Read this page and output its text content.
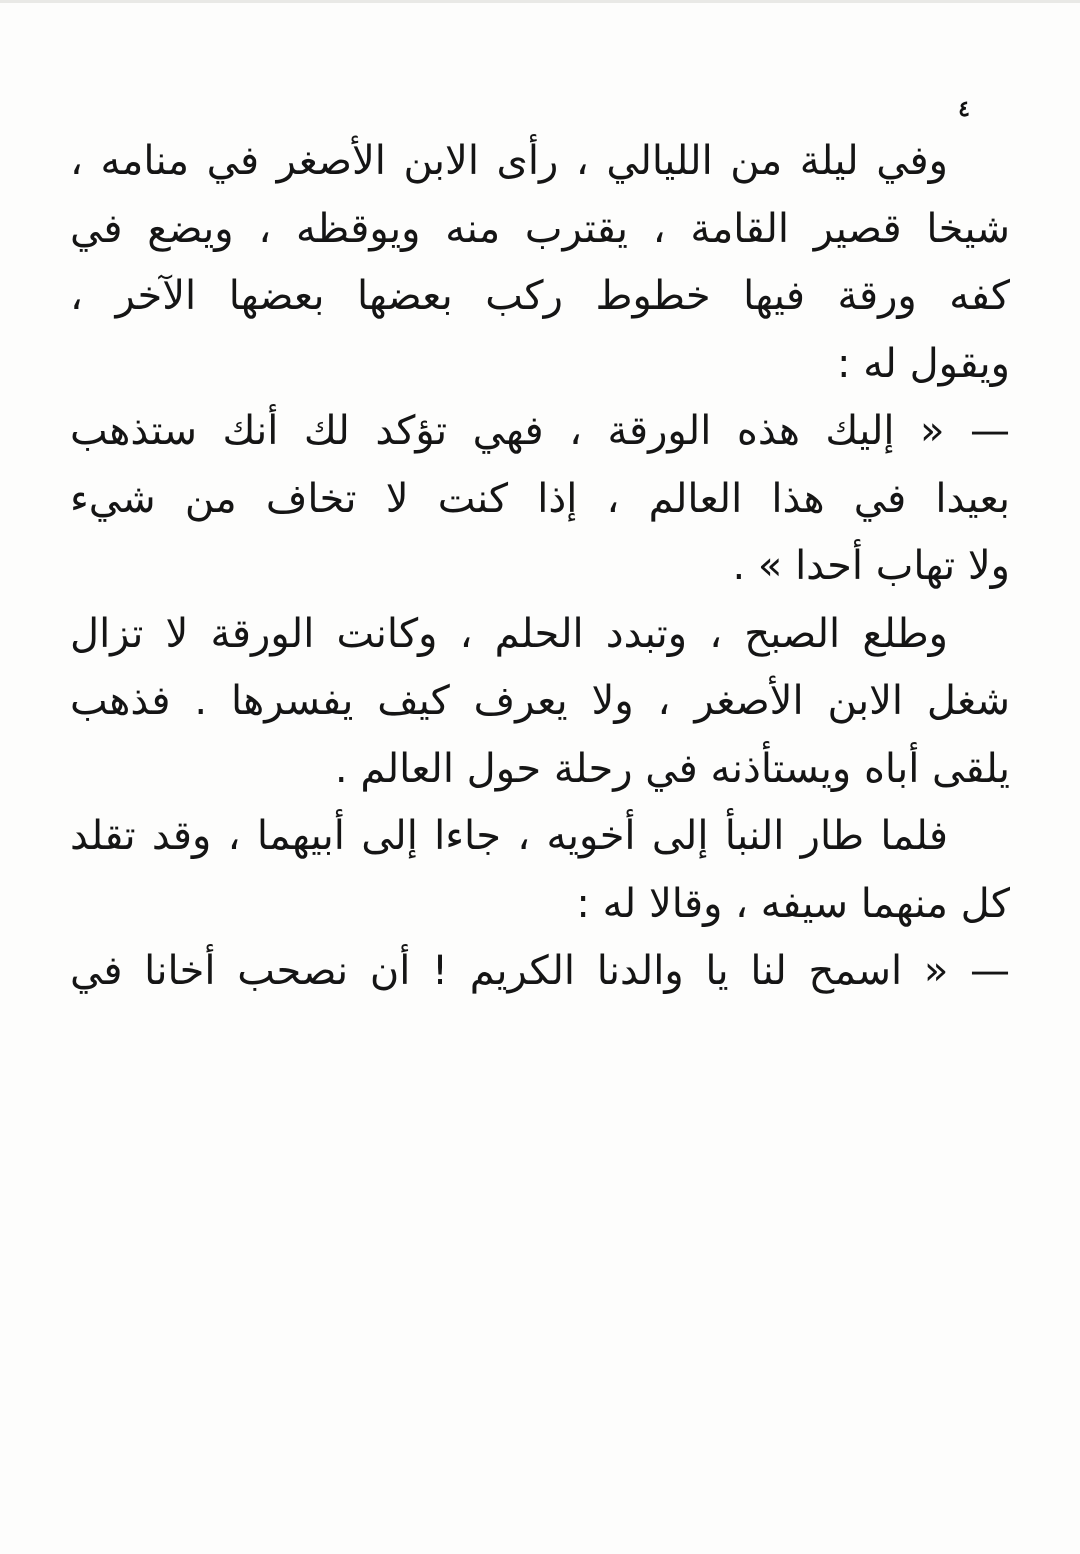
٤
وفي ليلة من الليالي ، رأى الابن الأصغر في منامه ،
شيخا قصير القامة ، يقترب منه ويوقظه ، ويضع في
كفه ورقة فيها خطوط ركب بعضها بعضها الآخر ،
ويقول له :
— « إليك هذه الورقة ، فهي تؤكد لك أنك ستذهب
بعيدا في هذا العالم ، إذا كنت لا تخاف من شيء
ولا تهاب أحدا » .
وطلع الصبح ، وتبدد الحلم ، وكانت الورقة لا تزال
شغل الابن الأصغر ، ولا يعرف كيف يفسرها . فذهب
يلقى أباه ويستأذنه في رحلة حول العالم .
فلما طار النبأ إلى أخويه ، جاءا إلى أبيهما ، وقد تقلد
كل منهما سيفه ، وقالا له :
— « اسمح لنا يا والدنا الكريم ! أن نصحب أخانا في
